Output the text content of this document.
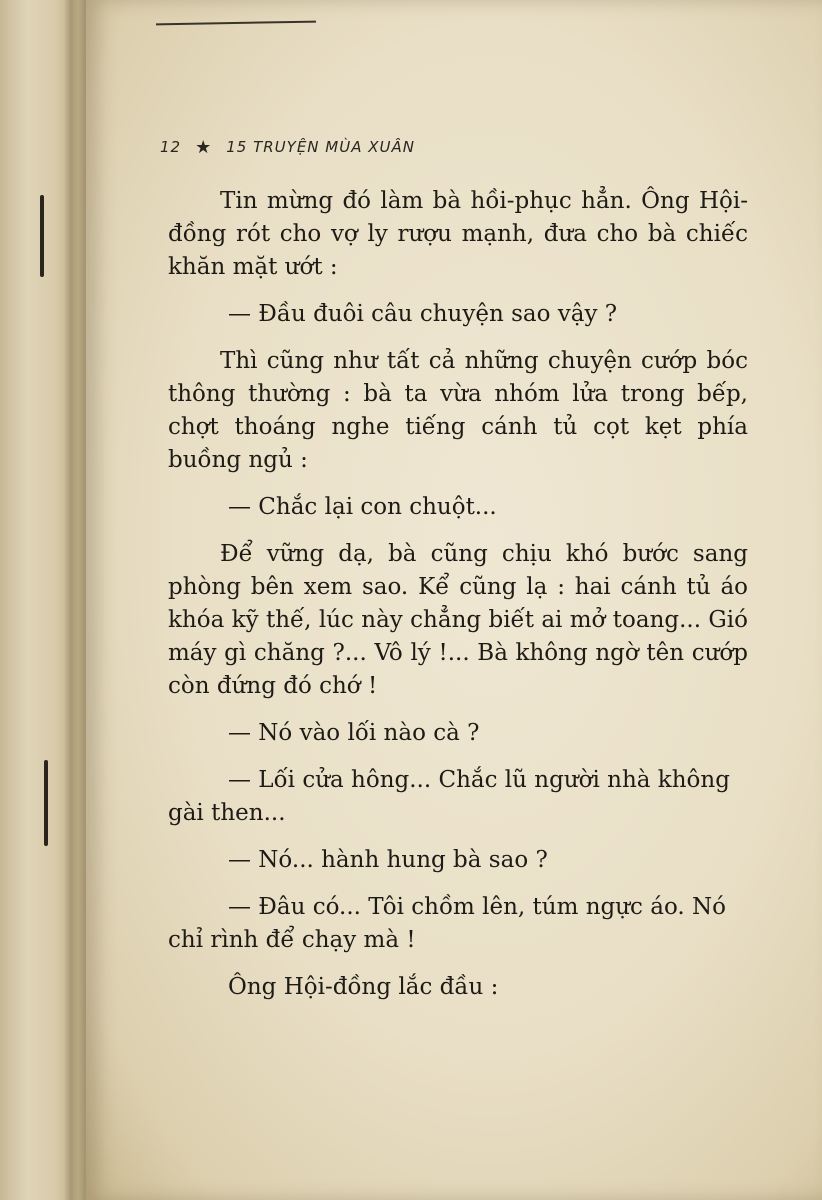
12 ★ 15 TRUYỆN MÙA XUÂN

Tin mừng đó làm bà hồi-phục hẳn. Ông Hội-đồng rót cho vợ ly rượu mạnh, đưa cho bà chiếc khăn mặt ướt :

— Đầu đuôi câu chuyện sao vậy ?

Thì cũng như tất cả những chuyện cướp bóc thông thường : bà ta vừa nhóm lửa trong bếp, chợt thoáng nghe tiếng cánh tủ cọt kẹt phía buồng ngủ :

— Chắc lại con chuột...

Để vững dạ, bà cũng chịu khó bước sang phòng bên xem sao. Kể cũng lạ : hai cánh tủ áo khóa kỹ thế, lúc này chẳng biết ai mở toang... Gió máy gì chăng ?... Vô lý !... Bà không ngờ tên cướp còn đứng đó chớ !

— Nó vào lối nào cà ?

— Lối cửa hông... Chắc lũ người nhà không gài then...

— Nó... hành hung bà sao ?

— Đâu có... Tôi chồm lên, túm ngực áo. Nó chỉ rình để chạy mà !

Ông Hội-đồng lắc đầu :
